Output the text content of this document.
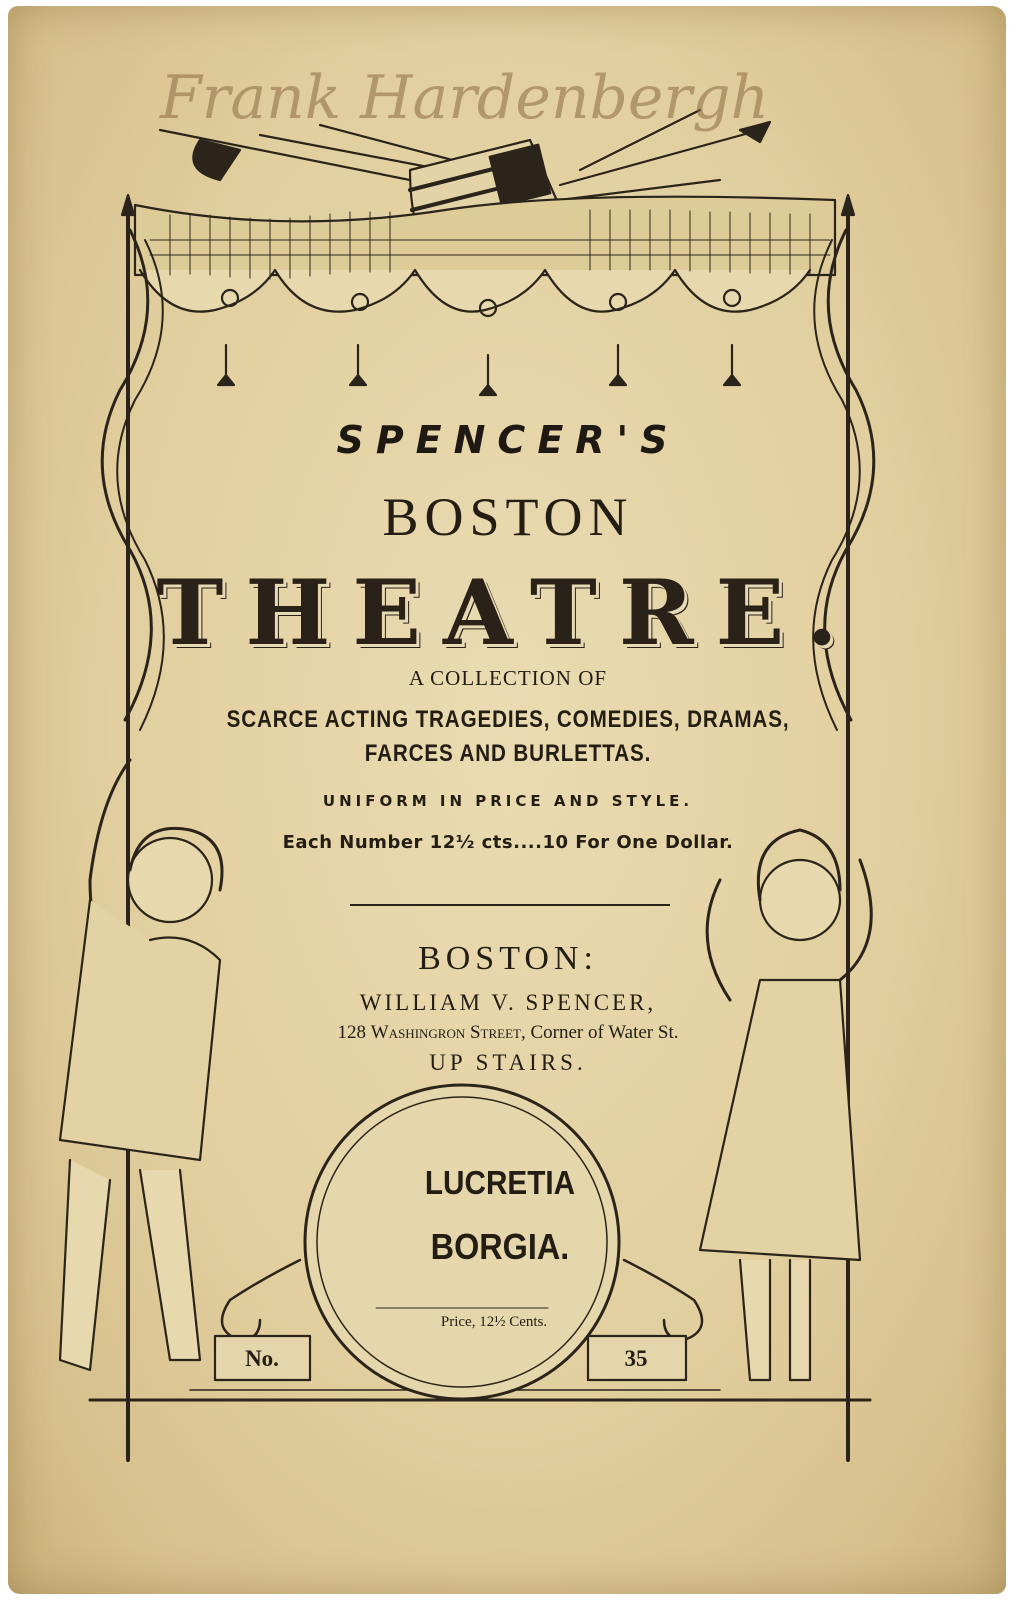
Frank Hardenbergh
SPENCER'S
BOSTON
THEATRE.
A COLLECTION OF
SCARCE ACTING TRAGEDIES, COMEDIES, DRAMAS,
FARCES AND BURLETTAS.
UNIFORM IN PRICE AND STYLE.
Each Number 12½ cts....10 For One Dollar.
BOSTON:
WILLIAM V. SPENCER,
128 Washingron Street, Corner of Water St.
UP STAIRS.
LUCRETIA
BORGIA.
Price, 12½ Cents.
No.	35
